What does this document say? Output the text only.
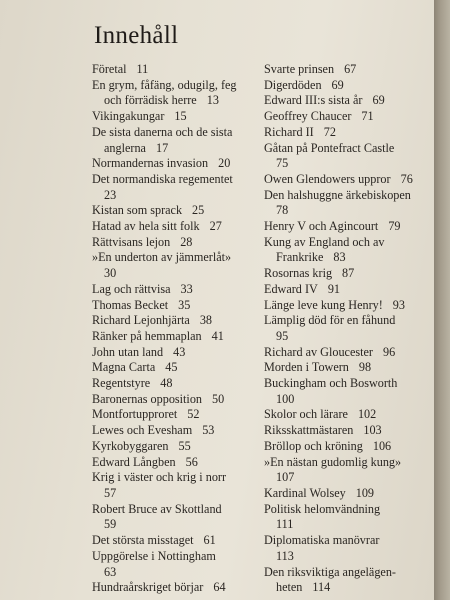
Innehåll
Företal 11
En grym, fåfäng, odugilg, feg
och förrädisk herre 13
Vikingakungar 15
De sista danerna och de sista
anglerna 17
Normandernas invasion 20
Det normandiska regementet
23
Kistan som sprack 25
Hatad av hela sitt folk 27
Rättvisans lejon 28
»En underton av jämmerlåt»
30
Lag och rättvisa 33
Thomas Becket 35
Richard Lejonhjärta 38
Ränker på hemmaplan 41
John utan land 43
Magna Carta 45
Regentstyre 48
Baronernas opposition 50
Montfortupproret 52
Lewes och Evesham 53
Kyrkobyggaren 55
Edward Långben 56
Krig i väster och krig i norr
57
Robert Bruce av Skottland
59
Det största misstaget 61
Uppgörelse i Nottingham
63
Hundraårskriget börjar 64
Svarte prinsen 67
Digerdöden 69
Edward III:s sista år 69
Geoffrey Chaucer 71
Richard II 72
Gåtan på Pontefract Castle
75
Owen Glendowers uppror 76
Den halshuggne ärkebiskopen
78
Henry V och Agincourt 79
Kung av England och av
Frankrike 83
Rosornas krig 87
Edward IV 91
Länge leve kung Henry! 93
Lämplig död för en fåhund
95
Richard av Gloucester 96
Morden i Towern 98
Buckingham och Bosworth
100
Skolor och lärare 102
Riksskattmästaren 103
Bröllop och kröning 106
»En nästan gudomlig kung»
107
Kardinal Wolsey 109
Politisk helomvändning
111
Diplomatiska manövrar
113
Den riksviktiga angelägen-
heten 114
